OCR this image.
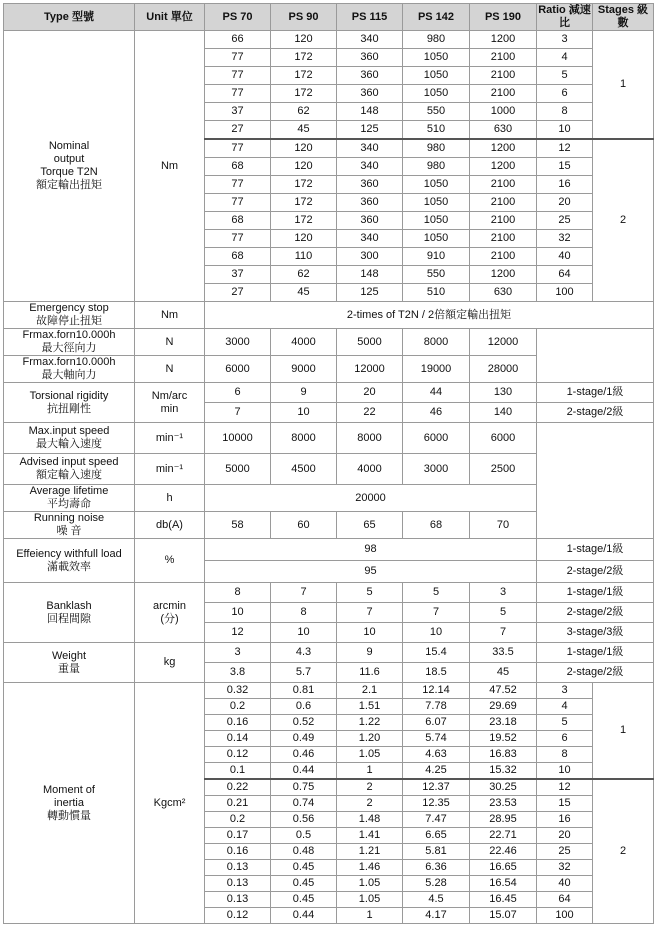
Type 型號	Unit 單位	PS 70	PS 90	PS 115	PS 142	PS 190	Ratio 減速比	Stages 級數
Nominal
output
Torque T2N
額定輸出扭矩	Nm	66	120	340	980	1200	3	1
		77	172	360	1050	2100	4	
		77	172	360	1050	2100	5	
		77	172	360	1050	2100	6	
		37	62	148	550	1000	8	
		27	45	125	510	630	10	
		77	120	340	980	1200	12	2
		68	120	340	980	1200	15	
		77	172	360	1050	2100	16	
		77	172	360	1050	2100	20	
		68	172	360	1050	2100	25	
		77	120	340	1050	2100	32	
		68	110	300	910	2100	40	
		37	62	148	550	1200	64	
		27	45	125	510	630	100	
Emergency stop
故障停止扭矩	Nm	2-times of T2N / 2倍額定輸出扭矩						
Frmax.forn10.000h
最大徑向力	N	3000	4000	5000	8000	12000		
Frmax.forn10.000h
最大軸向力	N	6000	9000	12000	19000	28000		
Torsional rigidity
抗扭剛性	Nm/arc
min	6	9	20	44	130	1-stage/1級	
		7	10	22	46	140	2-stage/2級	
Max.input speed
最大輸入速度	min⁻¹	10000	8000	8000	6000	6000		
Advised input speed
額定輸入速度	min⁻¹	5000	4500	4000	3000	2500		
Average lifetime
平均壽命	h	20000						
Running noise
噪 音	db(A)	58	60	65	68	70		
Effeiency withfull load
滿載效率	%	98					1-stage/1級	
		95					2-stage/2級	
Banklash
回程間隙	arcmin
(分)	8	7	5	5	3	1-stage/1級	
		10	8	7	7	5	2-stage/2級	
		12	10	10	10	7	3-stage/3級	
Weight
重量	kg	3	4.3	9	15.4	33.5	1-stage/1級	
		3.8	5.7	11.6	18.5	45	2-stage/2級	
Moment of
inertia
轉動慣量	Kgcm²	0.32	0.81	2.1	12.14	47.52	3	1
		0.2	0.6	1.51	7.78	29.69	4	
		0.16	0.52	1.22	6.07	23.18	5	
		0.14	0.49	1.20	5.74	19.52	6	
		0.12	0.46	1.05	4.63	16.83	8	
		0.1	0.44	1	4.25	15.32	10	
		0.22	0.75	2	12.37	30.25	12	2
		0.21	0.74	2	12.35	23.53	15	
		0.2	0.56	1.48	7.47	28.95	16	
		0.17	0.5	1.41	6.65	22.71	20	
		0.16	0.48	1.21	5.81	22.46	25	
		0.13	0.45	1.46	6.36	16.65	32	
		0.13	0.45	1.05	5.28	16.54	40	
		0.13	0.45	1.05	4.5	16.45	64	
		0.12	0.44	1	4.17	15.07	100	
